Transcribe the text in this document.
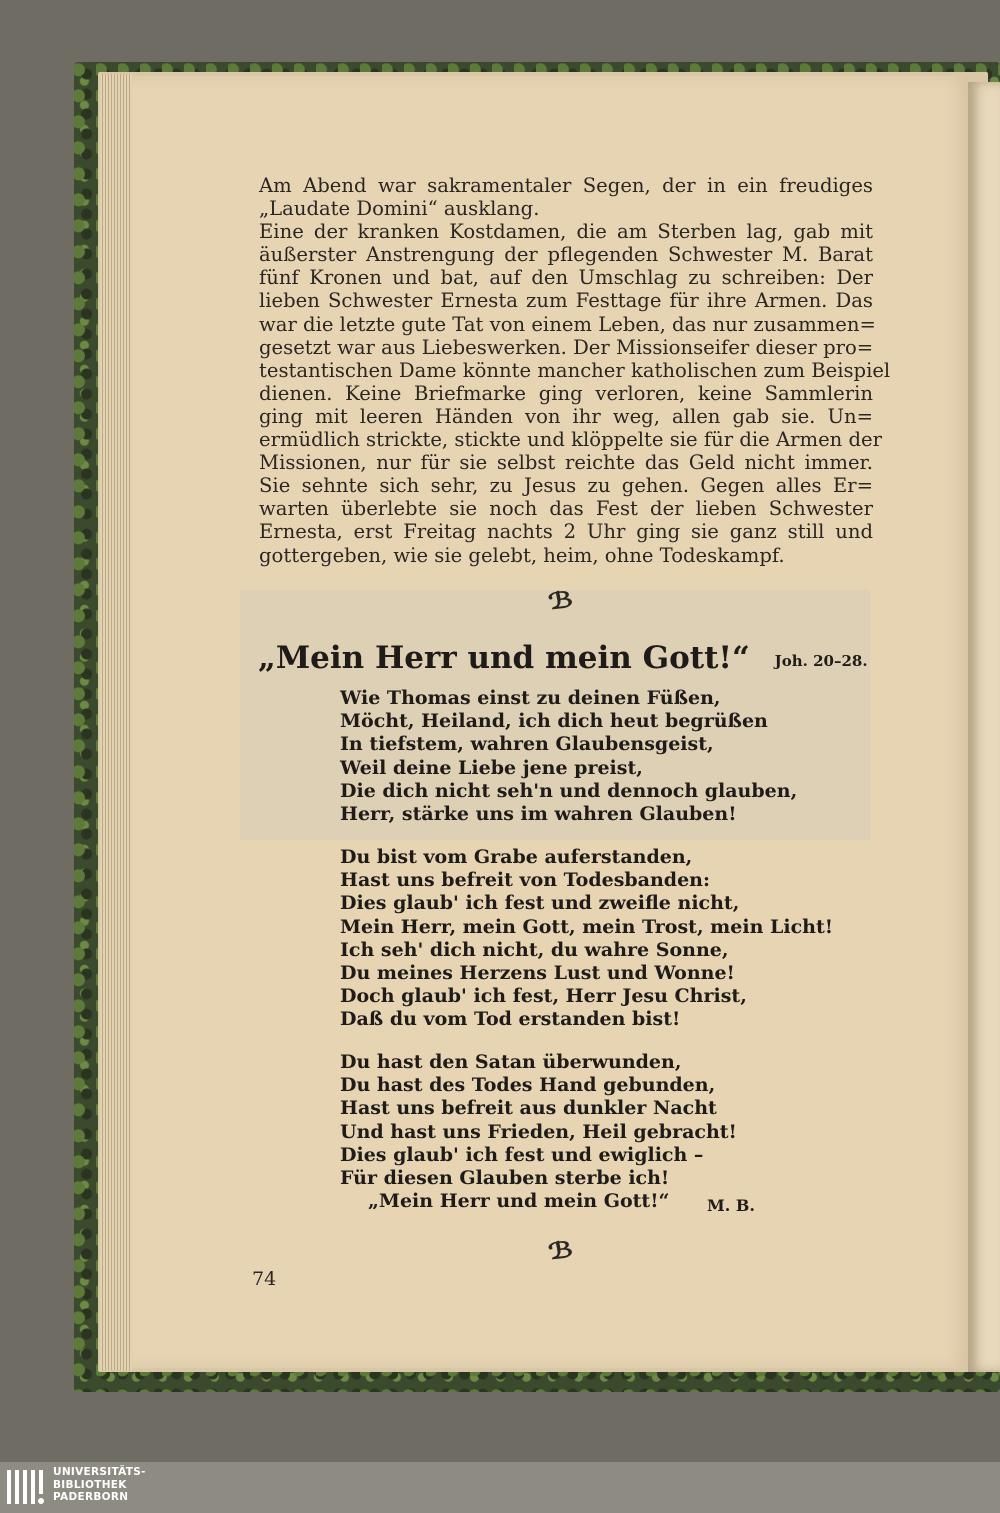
Am Abend war sakramentaler Segen, der in ein freudiges
„Laudate Domini“ ausklang.
Eine der kranken Kostdamen, die am Sterben lag, gab mit
äußerster Anstrengung der pflegenden Schwester M. Barat
fünf Kronen und bat, auf den Umschlag zu schreiben: Der
lieben Schwester Ernesta zum Festtage für ihre Armen. Das
war die letzte gute Tat von einem Leben, das nur zusammen=
gesetzt war aus Liebeswerken. Der Missionseifer dieser pro=
testantischen Dame könnte mancher katholischen zum Beispiel
dienen. Keine Briefmarke ging verloren, keine Sammlerin
ging mit leeren Händen von ihr weg, allen gab sie. Un=
ermüdlich strickte, stickte und klöppelte sie für die Armen der
Missionen, nur für sie selbst reichte das Geld nicht immer.
Sie sehnte sich sehr, zu Jesus zu gehen. Gegen alles Er=
warten überlebte sie noch das Fest der lieben Schwester
Ernesta, erst Freitag nachts 2 Uhr ging sie ganz still und
gottergeben, wie sie gelebt, heim, ohne Todeskampf.
ℬ
„Mein Herr und mein Gott!“ Joh. 20–28.
Wie Thomas einst zu deinen Füßen,
Möcht, Heiland, ich dich heut begrüßen
In tiefstem, wahren Glaubensgeist,
Weil deine Liebe jene preist,
Die dich nicht seh'n und dennoch glauben,
Herr, stärke uns im wahren Glauben!
Du bist vom Grabe auferstanden,
Hast uns befreit von Todesbanden:
Dies glaub' ich fest und zweifle nicht,
Mein Herr, mein Gott, mein Trost, mein Licht!
Ich seh' dich nicht, du wahre Sonne,
Du meines Herzens Lust und Wonne!
Doch glaub' ich fest, Herr Jesu Christ,
Daß du vom Tod erstanden bist!
Du hast den Satan überwunden,
Du hast des Todes Hand gebunden,
Hast uns befreit aus dunkler Nacht
Und hast uns Frieden, Heil gebracht!
Dies glaub' ich fest und ewiglich –
Für diesen Glauben sterbe ich!
„Mein Herr und mein Gott!“	M. B.
ℬ
74
UNIVERSITÄTS-
BIBLIOTHEK
PADERBORN
